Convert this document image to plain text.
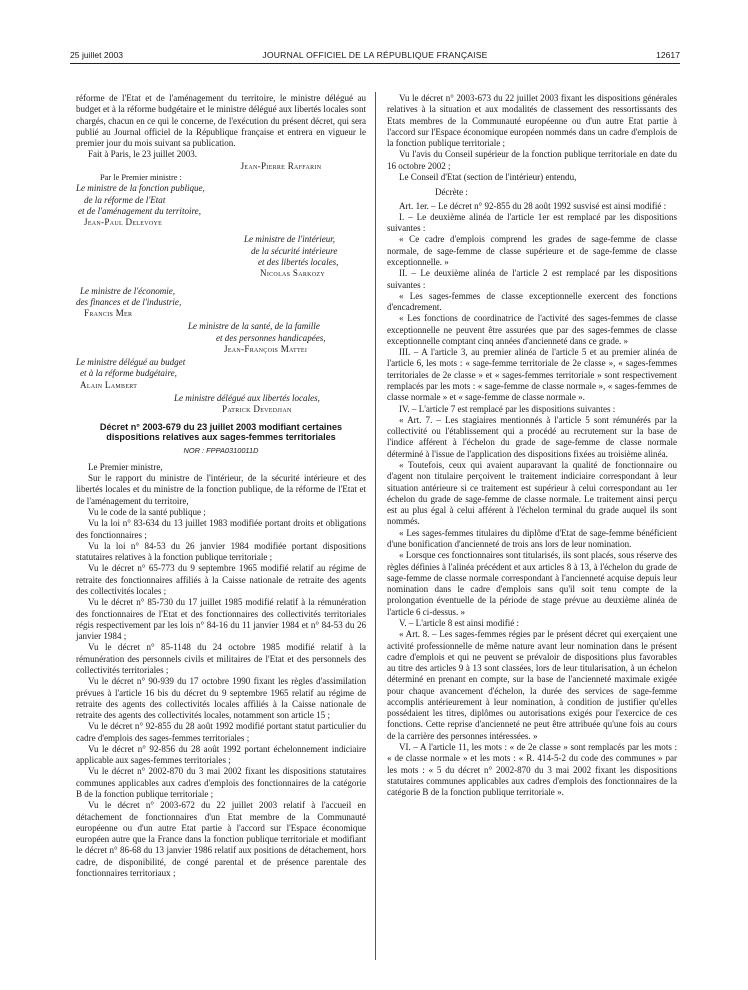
25 juillet 2003	JOURNAL OFFICIEL DE LA RÉPUBLIQUE FRANÇAISE	12617

réforme de l'Etat et de l'aménagement du territoire, le ministre délégué au budget et à la réforme budgétaire et le ministre délégué aux libertés locales sont chargés, chacun en ce qui le concerne, de l'exécution du présent décret, qui sera publié au Journal officiel de la République française et entrera en vigueur le premier jour du mois suivant sa publication.

Fait à Paris, le 23 juillet 2003.

Jean-Pierre Raffarin
Par le Premier ministre :
Le ministre de la fonction publique,
de la réforme de l'Etat
et de l'aménagement du territoire,
Jean-Paul Delevoye
Le ministre de l'intérieur,
de la sécurité intérieure
et des libertés locales,
Nicolas Sarkozy
Le ministre de l'économie,
des finances et de l'industrie,
Francis Mer
Le ministre de la santé, de la famille
et des personnes handicapées,
Jean-François Mattei
Le ministre délégué au budget
et à la réforme budgétaire,
Alain Lambert
Le ministre délégué aux libertés locales,
Patrick Devedjian
Décret n° 2003-679 du 23 juillet 2003 modifiant certaines dispositions relatives aux sages-femmes territoriales
NOR : FPPA0310011D

Le Premier ministre,

Sur le rapport du ministre de l'intérieur, de la sécurité intérieure et des libertés locales et du ministre de la fonction publique, de la réforme de l'Etat et de l'aménagement du territoire,

Vu le code de la santé publique ;

Vu la loi n° 83-634 du 13 juillet 1983 modifiée portant droits et obligations des fonctionnaires ;

Vu la loi n° 84-53 du 26 janvier 1984 modifiée portant dispositions statutaires relatives à la fonction publique territoriale ;

Vu le décret n° 65-773 du 9 septembre 1965 modifié relatif au régime de retraite des fonctionnaires affiliés à la Caisse nationale de retraite des agents des collectivités locales ;

Vu le décret n° 85-730 du 17 juillet 1985 modifié relatif à la rémunération des fonctionnaires de l'Etat et des fonctionnaires des collectivités territoriales régis respectivement par les lois n° 84-16 du 11 janvier 1984 et n° 84-53 du 26 janvier 1984 ;

Vu le décret n° 85-1148 du 24 octobre 1985 modifié relatif à la rémunération des personnels civils et militaires de l'Etat et des personnels des collectivités territoriales ;

Vu le décret n° 90-939 du 17 octobre 1990 fixant les règles d'assimilation prévues à l'article 16 bis du décret du 9 septembre 1965 relatif au régime de retraite des agents des collectivités locales affiliés à la Caisse nationale de retraite des agents des collectivités locales, notamment son article 15 ;

Vu le décret n° 92-855 du 28 août 1992 modifié portant statut particulier du cadre d'emplois des sages-femmes territoriales ;

Vu le décret n° 92-856 du 28 août 1992 portant échelonnement indiciaire applicable aux sages-femmes territoriales ;

Vu le décret n° 2002-870 du 3 mai 2002 fixant les dispositions statutaires communes applicables aux cadres d'emplois des fonctionnaires de la catégorie B de la fonction publique territoriale ;

Vu le décret n° 2003-672 du 22 juillet 2003 relatif à l'accueil en détachement de fonctionnaires d'un Etat membre de la Communauté européenne ou d'un autre Etat partie à l'accord sur l'Espace économique européen autre que la France dans la fonction publique territoriale et modifiant le décret n° 86-68 du 13 janvier 1986 relatif aux positions de détachement, hors cadre, de disponibilité, de congé parental et de présence parentale des fonctionnaires territoriaux ;

Vu le décret n° 2003-673 du 22 juillet 2003 fixant les dispositions générales relatives à la situation et aux modalités de classement des ressortissants des Etats membres de la Communauté européenne ou d'un autre Etat partie à l'accord sur l'Espace économique européen nommés dans un cadre d'emplois de la fonction publique territoriale ;

Vu l'avis du Conseil supérieur de la fonction publique territoriale en date du 16 octobre 2002 ;

Le Conseil d'Etat (section de l'intérieur) entendu,

Décrète :

Art. 1er. – Le décret n° 92-855 du 28 août 1992 susvisé est ainsi modifié :

I. – Le deuxième alinéa de l'article 1er est remplacé par les dispositions suivantes :

« Ce cadre d'emplois comprend les grades de sage-femme de classe normale, de sage-femme de classe supérieure et de sage-femme de classe exceptionnelle. »

II. – Le deuxième alinéa de l'article 2 est remplacé par les dispositions suivantes :

« Les sages-femmes de classe exceptionnelle exercent des fonctions d'encadrement.

« Les fonctions de coordinatrice de l'activité des sages-femmes de classe exceptionnelle ne peuvent être assurées que par des sages-femmes de classe exceptionnelle comptant cinq années d'ancienneté dans ce grade. »

III. – A l'article 3, au premier alinéa de l'article 5 et au premier alinéa de l'article 6, les mots : « sage-femme territoriale de 2e classe », « sages-femmes territoriales de 2e classe » et « sages-femmes territoriale » sont respectivement remplacés par les mots : « sage-femme de classe normale », « sages-femmes de classe normale » et « sage-femme de classe normale ».

IV. – L'article 7 est remplacé par les dispositions suivantes :

« Art. 7. – Les stagiaires mentionnés à l'article 5 sont rémunérés par la collectivité ou l'établissement qui a procédé au recrutement sur la base de l'indice afférent à l'échelon du grade de sage-femme de classe normale déterminé à l'issue de l'application des dispositions fixées au troisième alinéa.

« Toutefois, ceux qui avaient auparavant la qualité de fonctionnaire ou d'agent non titulaire perçoivent le traitement indiciaire correspondant à leur situation antérieure si ce traitement est supérieur à celui correspondant au 1er échelon du grade de sage-femme de classe normale. Le traitement ainsi perçu est au plus égal à celui afférent à l'échelon terminal du grade auquel ils sont nommés.

« Les sages-femmes titulaires du diplôme d'Etat de sage-femme bénéficient d'une bonification d'ancienneté de trois ans lors de leur nomination.

« Lorsque ces fonctionnaires sont titularisés, ils sont placés, sous réserve des règles définies à l'alinéa précédent et aux articles 8 à 13, à l'échelon du grade de sage-femme de classe normale correspondant à l'ancienneté acquise depuis leur nomination dans le cadre d'emplois sans qu'il soit tenu compte de la prolongation éventuelle de la période de stage prévue au deuxième alinéa de l'article 6 ci-dessus. »

V. – L'article 8 est ainsi modifié :

« Art. 8. – Les sages-femmes régies par le présent décret qui exerçaient une activité professionnelle de même nature avant leur nomination dans le présent cadre d'emplois et qui ne peuvent se prévaloir de dispositions plus favorables au titre des articles 9 à 13 sont classées, lors de leur titularisation, à un échelon déterminé en prenant en compte, sur la base de l'ancienneté maximale exigée pour chaque avancement d'échelon, la durée des services de sage-femme accomplis antérieurement à leur nomination, à condition de justifier qu'elles possédaient les titres, diplômes ou autorisations exigés pour l'exercice de ces fonctions. Cette reprise d'ancienneté ne peut être attribuée qu'une fois au cours de la carrière des personnes intéressées. »

VI. – A l'article 11, les mots : « de 2e classe » sont remplacés par les mots : « de classe normale » et les mots : « R. 414-5-2 du code des communes » par les mots : « 5 du décret n° 2002-870 du 3 mai 2002 fixant les dispositions statutaires communes applicables aux cadres d'emplois des fonctionnaires de la catégorie B de la fonction publique territoriale ».
